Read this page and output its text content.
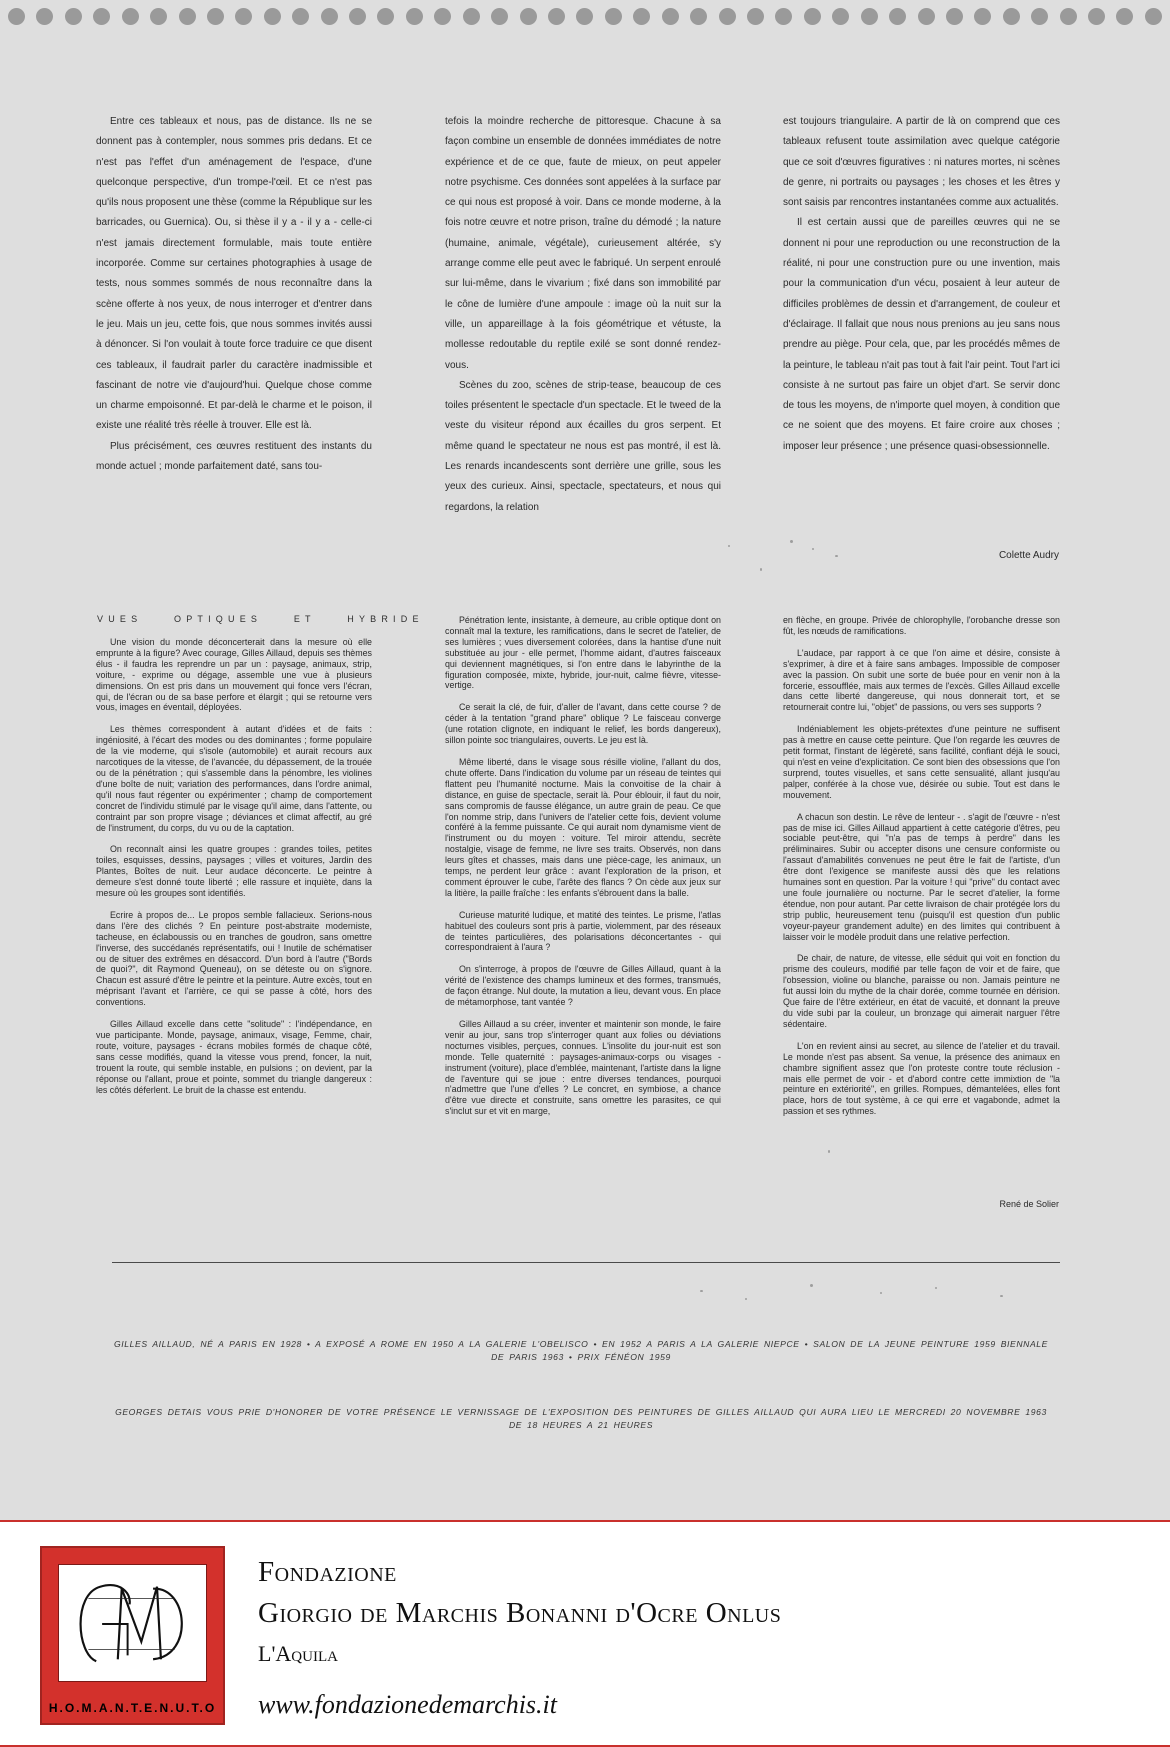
Entre ces tableaux et nous, pas de distance. Ils ne se donnent pas à contempler, nous sommes pris dedans. Et ce n'est pas l'effet d'un aménagement de l'espace, d'une quelconque perspective, d'un trompe-l'œil. Et ce n'est pas qu'ils nous proposent une thèse (comme la République sur les barricades, ou Guernica). Ou, si thèse il y a - il y a - celle-ci n'est jamais directement formulable, mais toute entière incorporée. Comme sur certaines photographies à usage de tests, nous sommes sommés de nous reconnaître dans la scène offerte à nos yeux, de nous interroger et d'entrer dans le jeu. Mais un jeu, cette fois, que nous sommes invités aussi à dénoncer. Si l'on voulait à toute force traduire ce que disent ces tableaux, il faudrait parler du caractère inadmissible et fascinant de notre vie d'aujourd'hui. Quelque chose comme un charme empoisonné. Et par-delà le charme et le poison, il existe une réalité très réelle à trouver. Elle est là.

Plus précisément, ces œuvres restituent des instants du monde actuel ; monde parfaitement daté, sans tou-

tefois la moindre recherche de pittoresque. Chacune à sa façon combine un ensemble de données immédiates de notre expérience et de ce que, faute de mieux, on peut appeler notre psychisme. Ces données sont appelées à la surface par ce qui nous est proposé à voir. Dans ce monde moderne, à la fois notre œuvre et notre prison, traîne du démodé ; la nature (humaine, animale, végétale), curieusement altérée, s'y arrange comme elle peut avec le fabriqué. Un serpent enroulé sur lui-même, dans le vivarium ; fixé dans son immobilité par le cône de lumière d'une ampoule : image où la nuit sur la ville, un appareillage à la fois géométrique et vétuste, la mollesse redoutable du reptile exilé se sont donné rendez-vous.

Scènes du zoo, scènes de strip-tease, beaucoup de ces toiles présentent le spectacle d'un spectacle. Et le tweed de la veste du visiteur répond aux écailles du gros serpent. Et même quand le spectateur ne nous est pas montré, il est là. Les renards incandescents sont derrière une grille, sous les yeux des curieux. Ainsi, spectacle, spectateurs, et nous qui regardons, la relation

est toujours triangulaire. A partir de là on comprend que ces tableaux refusent toute assimilation avec quelque catégorie que ce soit d'œuvres figuratives : ni natures mortes, ni scènes de genre, ni portraits ou paysages ; les choses et les êtres y sont saisis par rencontres instantanées comme aux actualités.

Il est certain aussi que de pareilles œuvres qui ne se donnent ni pour une reproduction ou une reconstruction de la réalité, ni pour une construction pure ou une invention, mais pour la communication d'un vécu, posaient à leur auteur de difficiles problèmes de dessin et d'arrangement, de couleur et d'éclairage. Il fallait que nous nous prenions au jeu sans nous prendre au piège. Pour cela, que, par les procédés mêmes de la peinture, le tableau n'ait pas tout à fait l'air peint. Tout l'art ici consiste à ne surtout pas faire un objet d'art. Se servir donc de tous les moyens, de n'importe quel moyen, à condition que ce ne soient que des moyens. Et faire croire aux choses ; imposer leur présence ; une présence quasi-obsessionnelle.

Colette Audry
VUES OPTIQUES ET HYBRIDE

Une vision du monde déconcerterait dans la mesure où elle emprunte à la figure? Avec courage, Gilles Aillaud, depuis ses thèmes élus - il faudra les reprendre un par un : paysage, animaux, strip, voiture, - exprime ou dégage, assemble une vue à plusieurs dimensions. On est pris dans un mouvement qui fonce vers l'écran, qui, de l'écran ou de sa base perfore et élargit ; qui se retourne vers vous, images en éventail, déployées.

Les thèmes correspondent à autant d'idées et de faits : ingéniosité, à l'écart des modes ou des dominantes ; forme populaire de la vie moderne, qui s'isole (automobile) et aurait recours aux narcotiques de la vitesse, de l'avancée, du dépassement, de la trouée ou de la pénétration ; qui s'assemble dans la pénombre, les violines d'une boîte de nuit; variation des performances, dans l'ordre animal, qu'il nous faut régenter ou expérimenter ; champ de comportement concret de l'individu stimulé par le visage qu'il aime, dans l'attente, ou contraint par son propre visage ; déviances et climat affectif, au gré de l'instrument, du corps, du vu ou de la captation.

On reconnaît ainsi les quatre groupes : grandes toiles, petites toiles, esquisses, dessins, paysages ; villes et voitures, Jardin des Plantes, Boîtes de nuit. Leur audace déconcerte. Le peintre à demeure s'est donné toute liberté ; elle rassure et inquiète, dans la mesure où les groupes sont identifiés.

Ecrire à propos de... Le propos semble fallacieux. Serions-nous dans l'ère des clichés ? En peinture post-abstraite moderniste, tacheuse, en éclaboussis ou en tranches de goudron, sans omettre l'inverse, des succédanés représentatifs, oui ! Inutile de schématiser ou de situer des extrêmes en désaccord. D'un bord à l'autre ("Bords de quoi?", dit Raymond Queneau), on se déteste ou on s'ignore. Chacun est assuré d'être le peintre et la peinture. Autre excès, tout en méprisant l'avant et l'arrière, ce qui se passe à côté, hors des conventions.

Gilles Aillaud excelle dans cette "solitude" : l'indépendance, en vue participante. Monde, paysage, animaux, visage, Femme, chair, route, voiture, paysages - écrans mobiles formés de chaque côté, sans cesse modifiés, quand la vitesse vous prend, foncer, la nuit, trouent la route, qui semble instable, en pulsions ; on devient, par la réponse ou l'allant, proue et pointe, sommet du triangle dangereux : les côtés déferlent. Le bruit de la chasse est entendu.

Pénétration lente, insistante, à demeure, au crible optique dont on connaît mal la texture, les ramifications, dans le secret de l'atelier, de ses lumières ; vues diversement colorées, dans la hantise d'une nuit substituée au jour - elle permet, l'homme aidant, d'autres faisceaux qui deviennent magnétiques, si l'on entre dans le labyrinthe de la figuration composée, mixte, hybride, jour-nuit, calme fièvre, vitesse-vertige.

Ce serait la clé, de fuir, d'aller de l'avant, dans cette course ? de céder à la tentation "grand phare" oblique ? Le faisceau converge (une rotation clignote, en indiquant le relief, les bords dangereux), sillon pointe soc triangulaires, ouverts. Le jeu est là.

Même liberté, dans le visage sous résille violine, l'allant du dos, chute offerte. Dans l'indication du volume par un réseau de teintes qui flattent peu l'humanité nocturne. Mais la convoitise de la chair à distance, en guise de spectacle, serait là. Pour éblouir, il faut du noir, sans compromis de fausse élégance, un autre grain de peau. Ce que l'on nomme strip, dans l'univers de l'atelier cette fois, devient volume conféré à la femme puissante. Ce qui aurait nom dynamisme vient de l'instrument ou du moyen : voiture. Tel miroir attendu, secrète nostalgie, visage de femme, ne livre ses traits. Observés, non dans leurs gîtes et chasses, mais dans une pièce-cage, les animaux, un temps, ne perdent leur grâce : avant l'exploration de la prison, et comment éprouver le cube, l'arête des flancs ? On cède aux jeux sur la litière, la paille fraîche : les enfants s'ébrouent dans la balle.

Curieuse maturité ludique, et matité des teintes. Le prisme, l'atlas habituel des couleurs sont pris à partie, violemment, par des réseaux de teintes particulières, des polarisations déconcertantes - qui correspondraient à l'aura ?

On s'interroge, à propos de l'œuvre de Gilles Aillaud, quant à la vérité de l'existence des champs lumineux et des formes, transmués, de façon étrange. Nul doute, la mutation a lieu, devant vous. En place de métamorphose, tant vantée ?

Gilles Aillaud a su créer, inventer et maintenir son monde, le faire venir au jour, sans trop s'interroger quant aux folies ou déviations nocturnes visibles, perçues, connues. L'insolite du jour-nuit est son monde. Telle quaternité : paysages-animaux-corps ou visages - instrument (voiture), place d'emblée, maintenant, l'artiste dans la ligne de l'aventure qui se joue : entre diverses tendances, pourquoi n'admettre que l'une d'elles ? Le concret, en symbiose, a chance d'être vue directe et construite, sans omettre les parasites, ce qui s'inclut sur et vit en marge,

en flèche, en groupe. Privée de chlorophylle, l'orobanche dresse son fût, les nœuds de ramifications.

L'audace, par rapport à ce que l'on aime et désire, consiste à s'exprimer, à dire et à faire sans ambages. Impossible de composer avec la passion. On subit une sorte de buée pour en venir non à la forcerie, essoufflée, mais aux termes de l'excès. Gilles Aillaud excelle dans cette liberté dangereuse, qui nous donnerait tort, et se retournerait contre lui, "objet" de passions, ou vers ses supports ?

Indéniablement les objets-prétextes d'une peinture ne suffisent pas à mettre en cause cette peinture. Que l'on regarde les œuvres de petit format, l'instant de légèreté, sans facilité, confiant déjà le souci, qui n'est en veine d'explicitation. Ce sont bien des obsessions que l'on surprend, toutes visuelles, et sans cette sensualité, allant jusqu'au palper, conférée à la chose vue, désirée ou subie. Tout est dans le mouvement.

A chacun son destin. Le rêve de lenteur - . s'agit de l'œuvre - n'est pas de mise ici. Gilles Aillaud appartient à cette catégorie d'êtres, peu sociable peut-être, qui "n'a pas de temps à perdre" dans les préliminaires. Subir ou accepter disons une censure conformiste ou l'assaut d'amabilités convenues ne peut être le fait de l'artiste, d'un être dont l'exigence se manifeste aussi dès que les relations humaines sont en question. Par la voiture ! qui "prive" du contact avec une foule journalière ou nocturne. Par le secret d'atelier, la forme étendue, non pour autant. Par cette livraison de chair protégée lors du strip public, heureusement tenu (puisqu'il est question d'un public voyeur-payeur grandement adulte) en des limites qui contribuent à laisser voir le modèle produit dans une relative perfection.

De chair, de nature, de vitesse, elle séduit qui voit en fonction du prisme des couleurs, modifié par telle façon de voir et de faire, que l'obsession, violine ou blanche, paraisse ou non. Jamais peinture ne fut aussi loin du mythe de la chair dorée, comme tournée en dérision. Que faire de l'être extérieur, en état de vacuité, et donnant la preuve du vide subi par la couleur, un bronzage qui aimerait narguer l'être sédentaire.

L'on en revient ainsi au secret, au silence de l'atelier et du travail. Le monde n'est pas absent. Sa venue, la présence des animaux en chambre signifient assez que l'on proteste contre toute réclusion - mais elle permet de voir - et d'abord contre cette immixtion de "la peinture en extériorité", en grilles. Rompues, démantelées, elles font place, hors de tout système, à ce qui erre et vagabonde, admet la passion et ses rythmes.

René de Solier
GILLES AILLAUD, NÉ A PARIS EN 1928 • A EXPOSÉ A ROME EN 1950 A LA GALERIE L'OBELISCO • EN 1952 A PARIS A LA GALERIE NIEPCE • SALON DE LA JEUNE PEINTURE 1959 BIENNALE DE PARIS 1963 • PRIX FÉNÉON 1959
GEORGES DETAIS VOUS PRIE D'HONORER DE VOTRE PRÉSENCE LE VERNISSAGE DE L'EXPOSITION DES PEINTURES DE GILLES AILLAUD QUI AURA LIEU LE MERCREDI 20 NOVEMBRE 1963 DE 18 HEURES A 21 HEURES
H.O.M.A.N.T.E.N.U.T.O
Fondazione
Giorgio de Marchis Bonanni d'Ocre Onlus
L'Aquila
www.fondazionedemarchis.it
